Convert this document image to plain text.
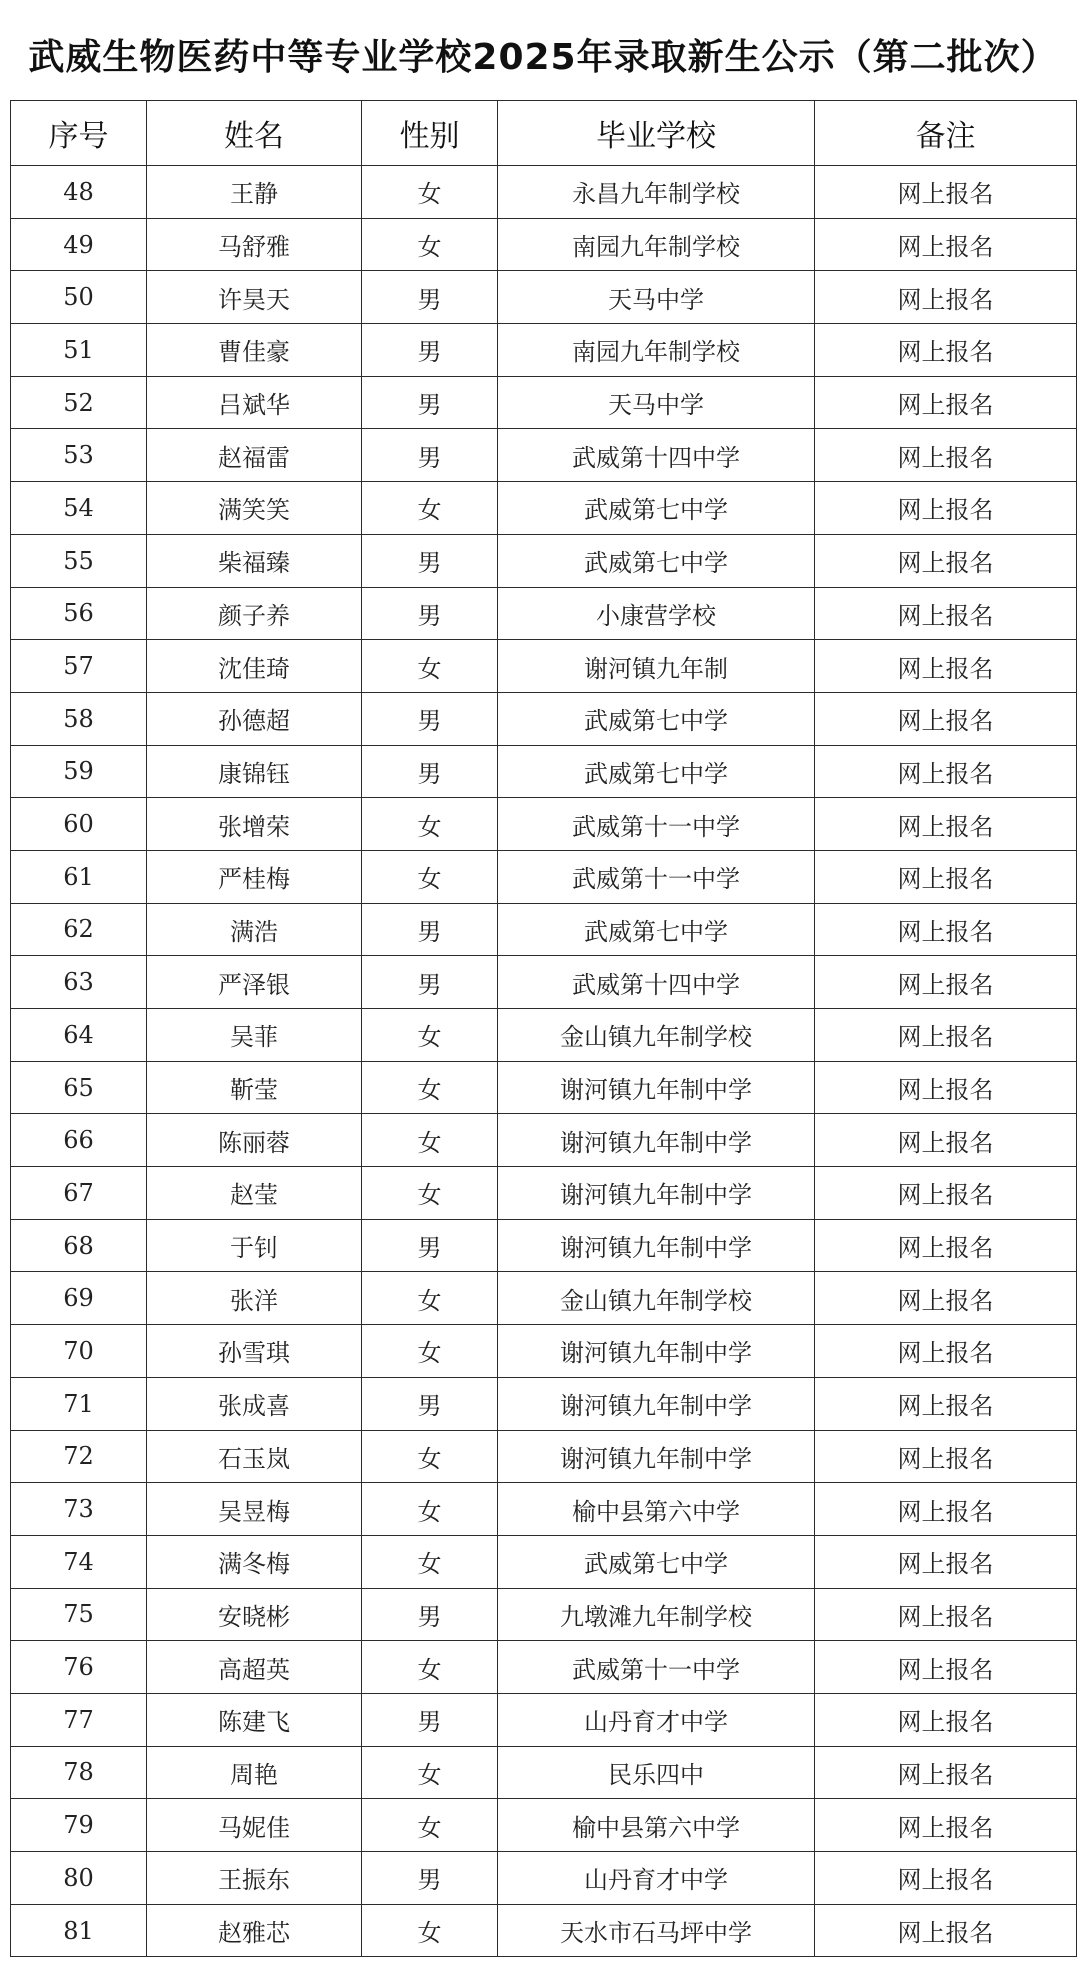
武威生物医药中等专业学校2025年录取新生公示（第二批次）
序号	姓名	性别	毕业学校	备注
48	王静	女	永昌九年制学校	网上报名
49	马舒雅	女	南园九年制学校	网上报名
50	许昊天	男	天马中学	网上报名
51	曹佳豪	男	南园九年制学校	网上报名
52	吕斌华	男	天马中学	网上报名
53	赵福雷	男	武威第十四中学	网上报名
54	满笑笑	女	武威第七中学	网上报名
55	柴福臻	男	武威第七中学	网上报名
56	颜子养	男	小康营学校	网上报名
57	沈佳琦	女	谢河镇九年制	网上报名
58	孙德超	男	武威第七中学	网上报名
59	康锦钰	男	武威第七中学	网上报名
60	张增荣	女	武威第十一中学	网上报名
61	严桂梅	女	武威第十一中学	网上报名
62	满浩	男	武威第七中学	网上报名
63	严泽银	男	武威第十四中学	网上报名
64	吴菲	女	金山镇九年制学校	网上报名
65	靳莹	女	谢河镇九年制中学	网上报名
66	陈丽蓉	女	谢河镇九年制中学	网上报名
67	赵莹	女	谢河镇九年制中学	网上报名
68	于钊	男	谢河镇九年制中学	网上报名
69	张洋	女	金山镇九年制学校	网上报名
70	孙雪琪	女	谢河镇九年制中学	网上报名
71	张成喜	男	谢河镇九年制中学	网上报名
72	石玉岚	女	谢河镇九年制中学	网上报名
73	吴昱梅	女	榆中县第六中学	网上报名
74	满冬梅	女	武威第七中学	网上报名
75	安晓彬	男	九墩滩九年制学校	网上报名
76	高超英	女	武威第十一中学	网上报名
77	陈建飞	男	山丹育才中学	网上报名
78	周艳	女	民乐四中	网上报名
79	马妮佳	女	榆中县第六中学	网上报名
80	王振东	男	山丹育才中学	网上报名
81	赵雅芯	女	天水市石马坪中学	网上报名
